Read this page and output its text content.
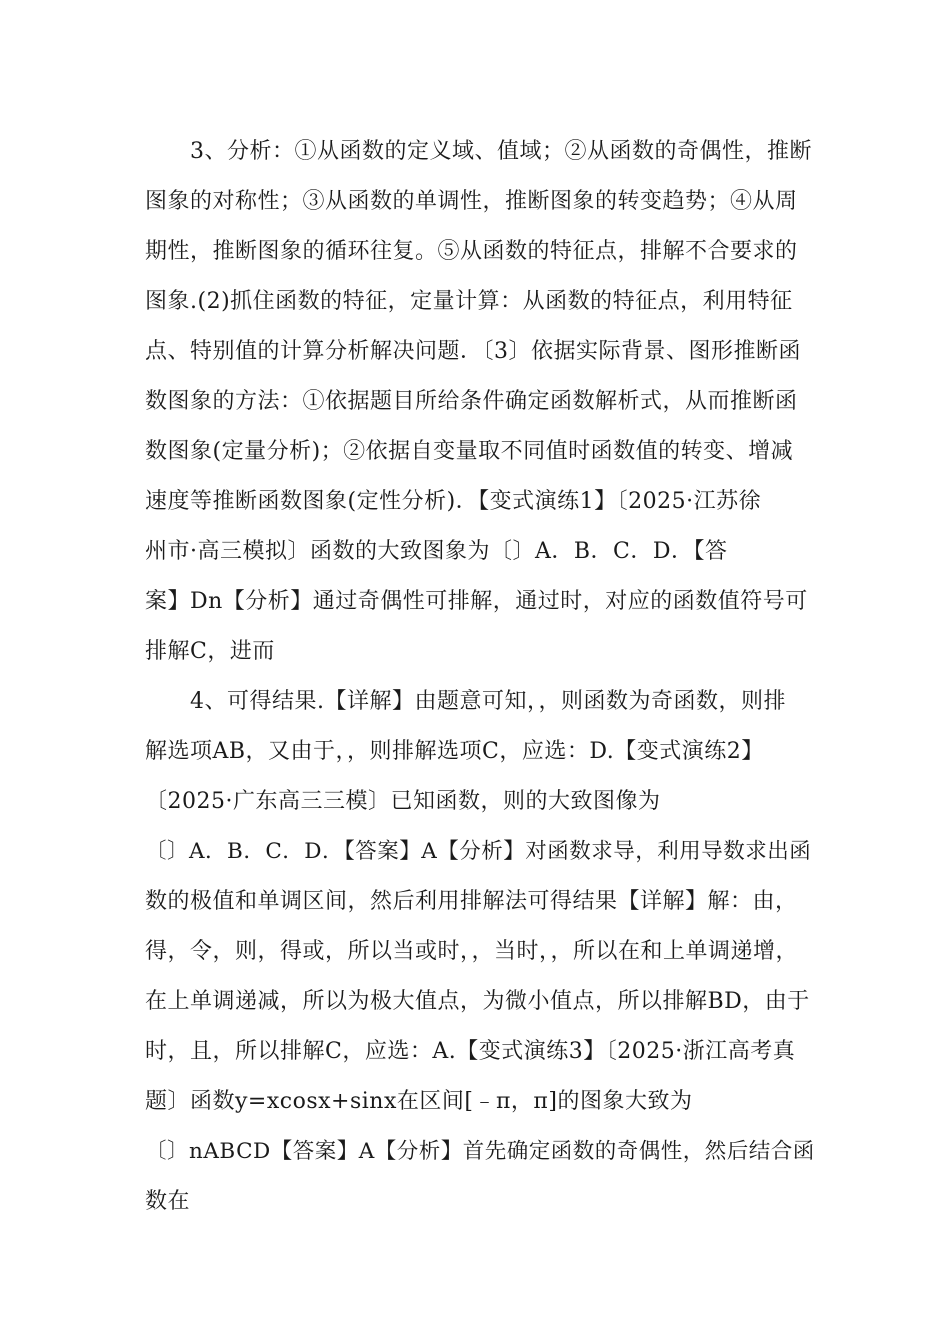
3、分析：①从函数的定义域、值域；②从函数的奇偶性，推断
图象的对称性；③从函数的单调性，推断图象的转变趋势；④从周
期性，推断图象的循环往复。⑤从函数的特征点，排解不合要求的
图象.(2)抓住函数的特征，定量计算：从函数的特征点，利用特征
点、特别值的计算分析解决问题．〔3〕依据实际背景、图形推断函
数图象的方法：①依据题目所给条件确定函数解析式，从而推断函
数图象(定量分析)；②依据自变量取不同值时函数值的转变、增减
速度等推断函数图象(定性分析)．【变式演练1】〔2025·江苏徐
州市·高三模拟〕函数的大致图象为〔〕A．B．C．D．【答
案】Dn【分析】通过奇偶性可排解，通过时，对应的函数值符号可
排解C，进而
4、可得结果.【详解】由题意可知，，则函数为奇函数，则排
解选项AB，又由于，，则排解选项C，应选：D.【变式演练2】
〔2025·广东高三三模〕已知函数，则的大致图像为
〔〕A．B．C．D．【答案】A【分析】对函数求导，利用导数求出函
数的极值和单调区间，然后利用排解法可得结果【详解】解：由，
得，令，则，得或，所以当或时，，当时，，所以在和上单调递增，
在上单调递减，所以为极大值点，为微小值点，所以排解BD，由于
时，且，所以排解C，应选：A.【变式演练3】〔2025·浙江高考真
题〕函数y=xcosx+sinx在区间[﹣π，π]的图象大致为
〔〕nABCD【答案】A【分析】首先确定函数的奇偶性，然后结合函
数在
